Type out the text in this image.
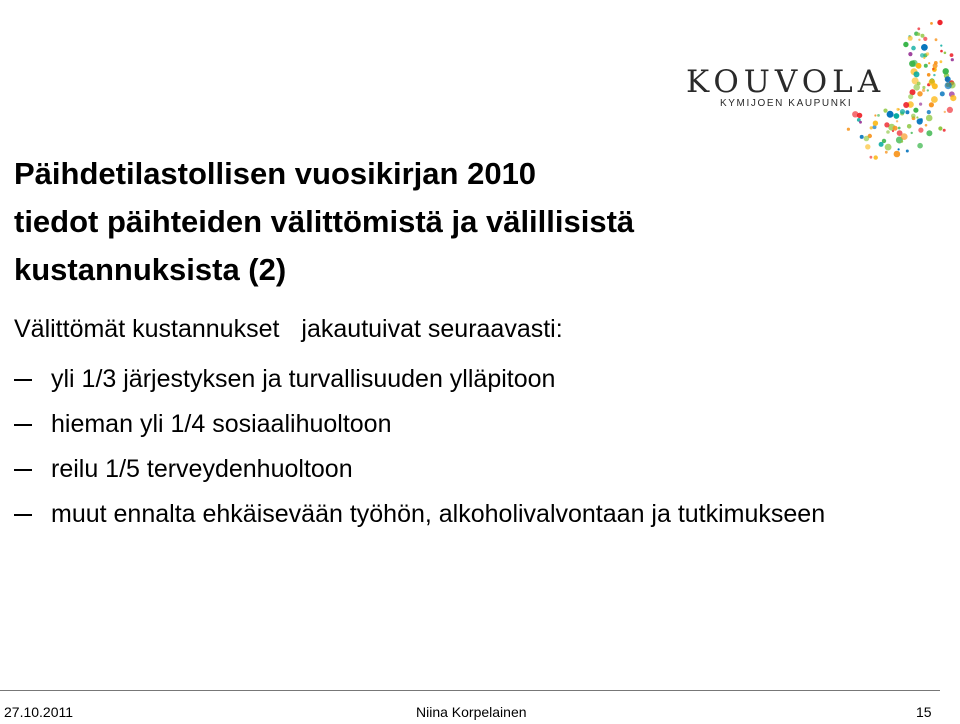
KOUVOLA
KYMIJOEN KAUPUNKI
Päihdetilastollisen vuosikirjan 2010
tiedot päihteiden välittömistä ja välillisistä
kustannuksista (2)
Välittömät kustannukset jakautuivat seuraavasti:
yli 1/3 järjestyksen ja turvallisuuden ylläpitoon
hieman yli 1/4 sosiaalihuoltoon
reilu 1/5 terveydenhuoltoon
muut ennalta ehkäisevään työhön, alkoholivalvontaan ja tutkimukseen
27.10.2011	Niina Korpelainen	15
